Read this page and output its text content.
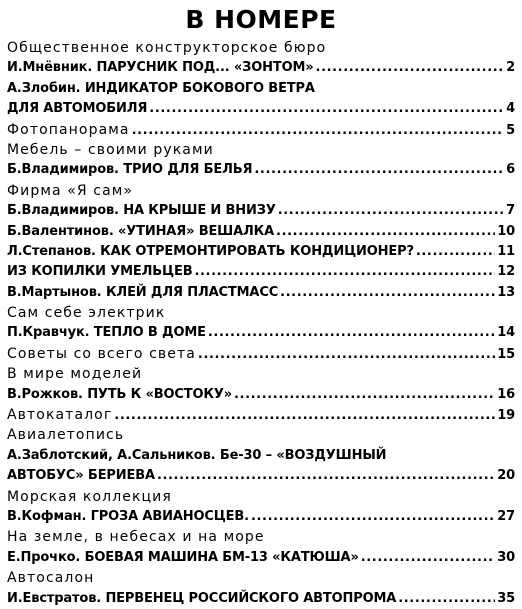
В НОМЕРЕ
Общественное конструкторское бюро
И.Мнёвник. ПАРУСНИК ПОД... «ЗОНТОМ» .....	2
А.Злобин. ИНДИКАТОР БОКОВОГО ВЕТРА
ДЛЯ АВТОМОБИЛЯ .....	4
Фотопанорама .....	5
Мебель – своими руками
Б.Владимиров. ТРИО ДЛЯ БЕЛЬЯ .....	6
Фирма «Я сам»
Б.Владимиров. НА КРЫШЕ И ВНИЗУ .....	7
Б.Валентинов. «УТИНАЯ» ВЕШАЛКА .....	10
Л.Степанов. КАК ОТРЕМОНТИРОВАТЬ КОНДИЦИОНЕР? .....	11
ИЗ КОПИЛКИ УМЕЛЬЦЕВ .....	12
В.Мартынов. КЛЕЙ ДЛЯ ПЛАСТМАСС .....	13
Сам себе электрик
П.Кравчук. ТЕПЛО В ДОМЕ .....	14
Советы со всего света .....	15
В мире моделей
В.Рожков. ПУТЬ К «ВОСТОКУ» .....	16
Автокаталог .....	19
Авиалетопись
А.Заблотский, А.Сальников. Бе-30 – «ВОЗДУШНЫЙ
АВТОБУС» БЕРИЕВА .....	20
Морская коллекция
В.Кофман. ГРОЗА АВИАНОСЦЕВ. .....	27
На земле, в небесах и на море
Е.Прочко. БОЕВАЯ МАШИНА БМ-13 «КАТЮША» .....	30
Автосалон
И.Евстратов. ПЕРВЕНЕЦ РОССИЙСКОГО АВТОПРОМА .....	35
